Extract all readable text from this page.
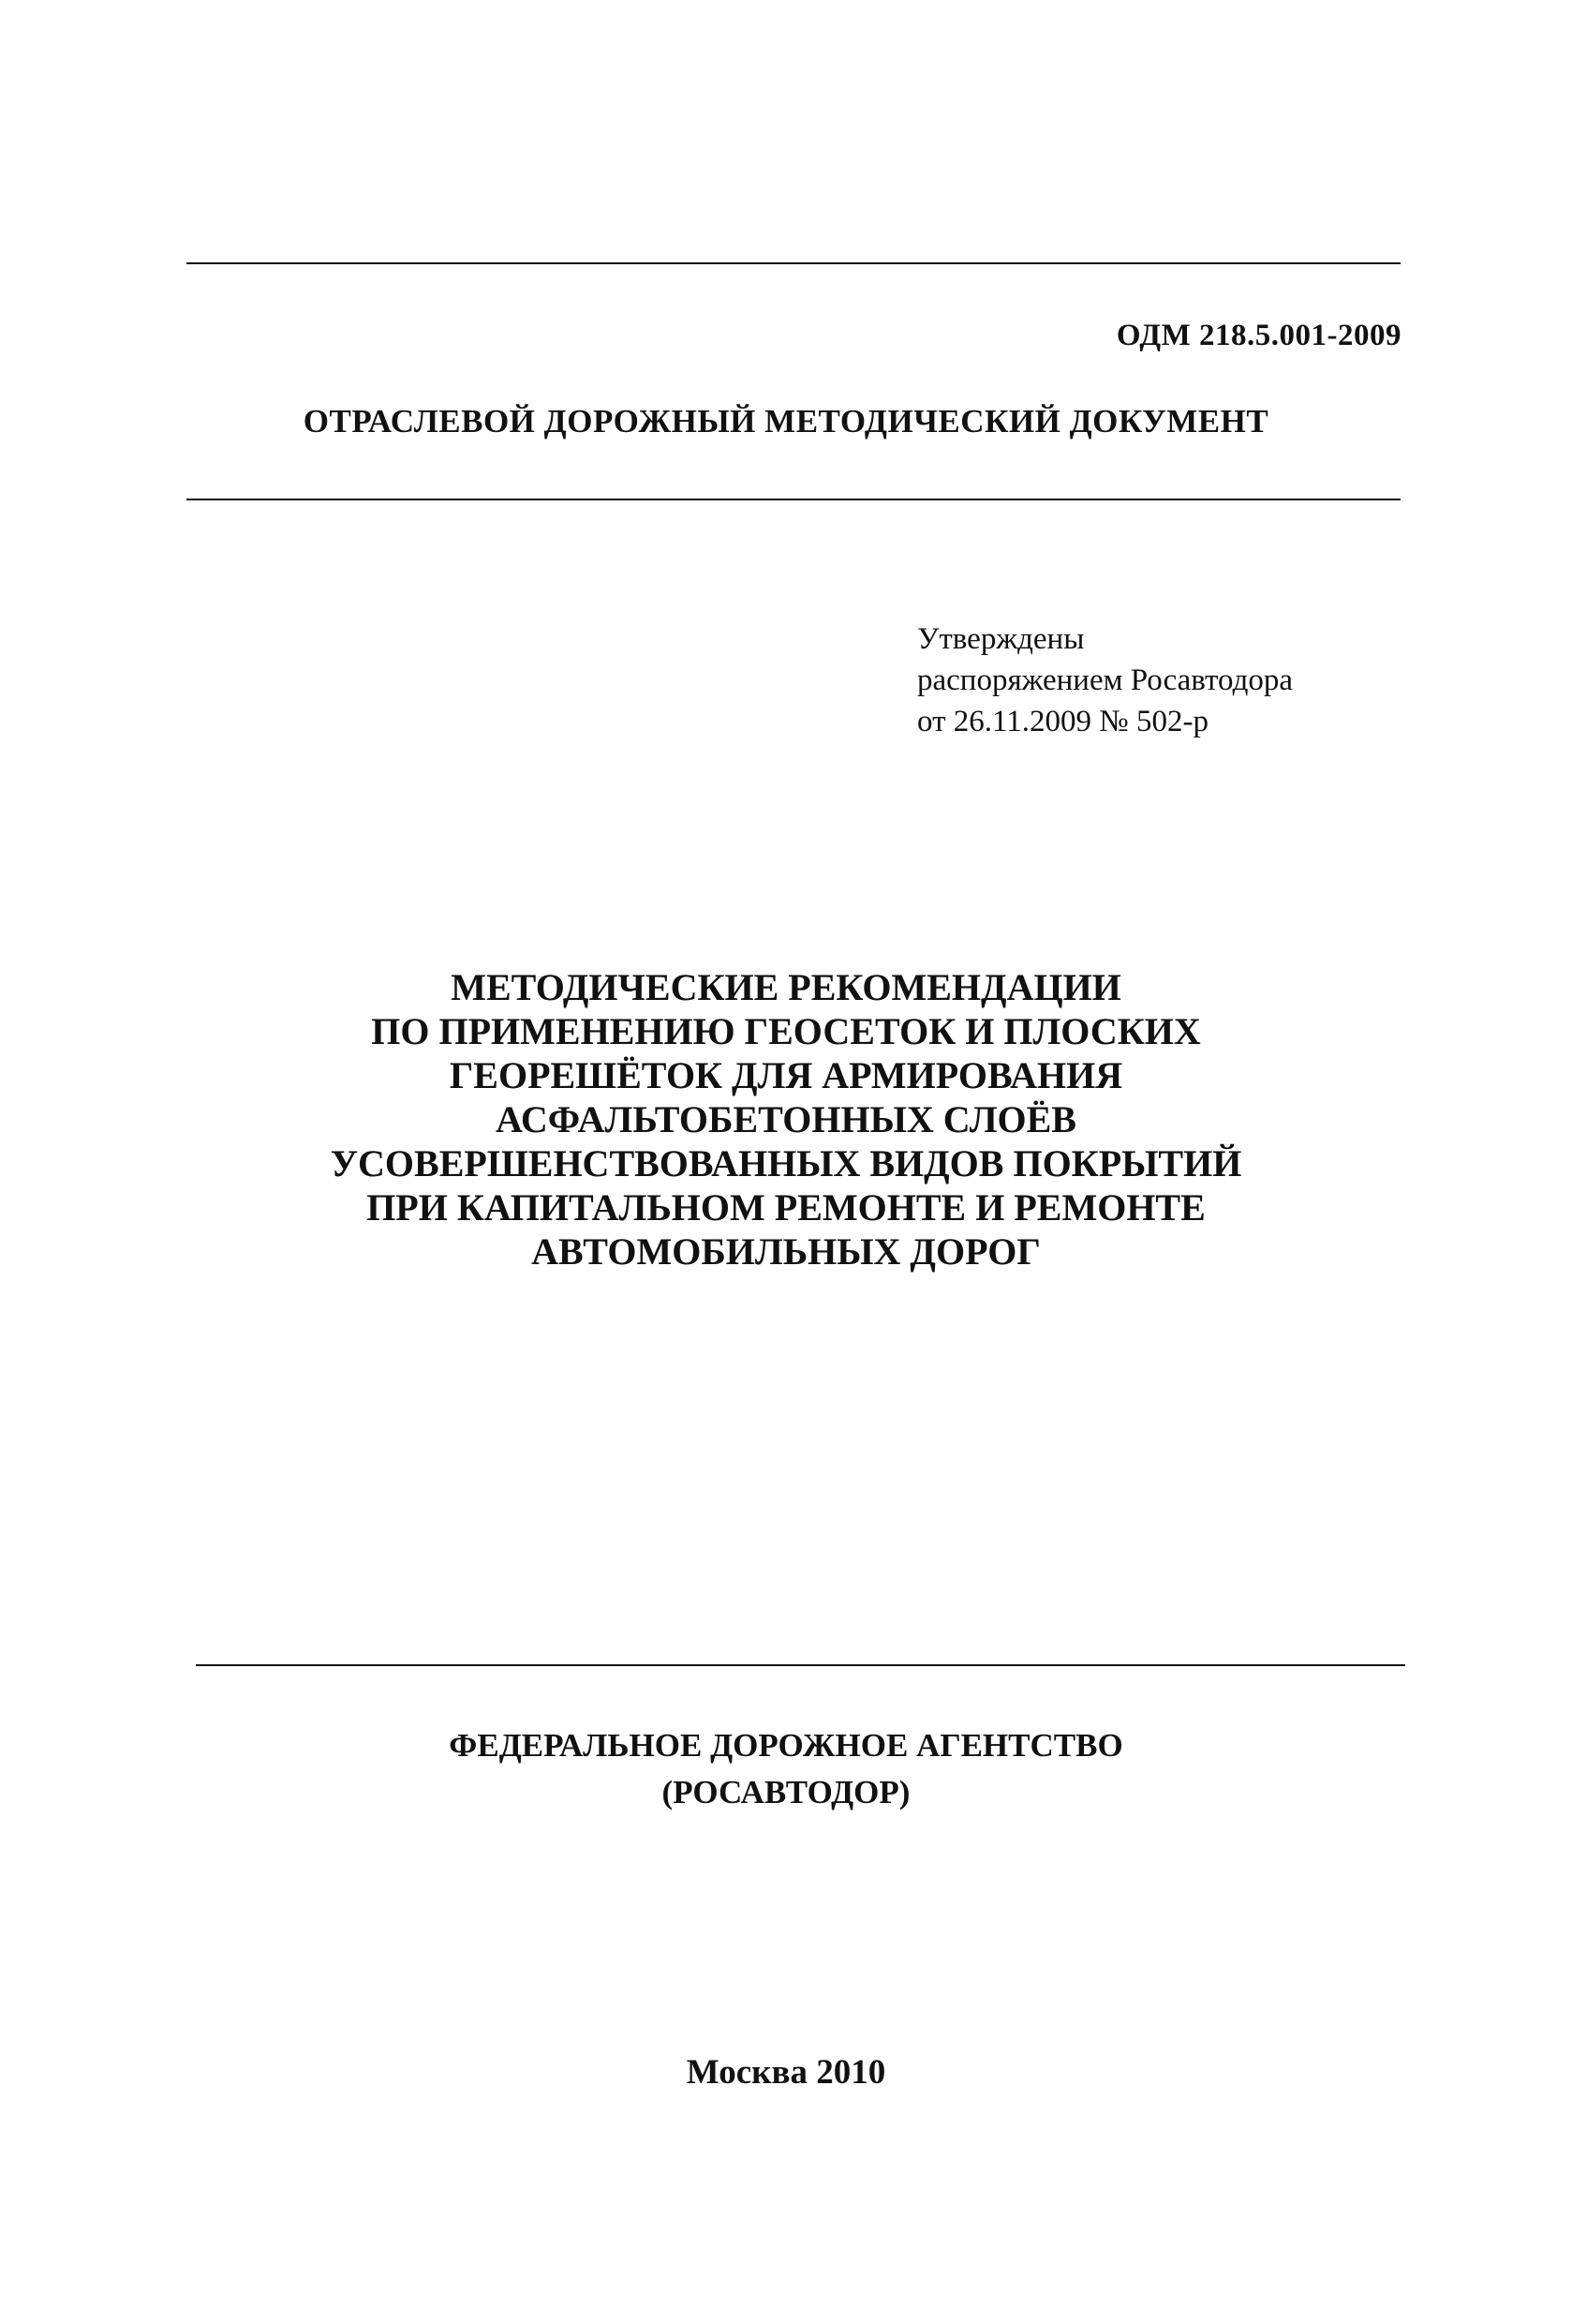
ОДМ 218.5.001-2009
ОТРАСЛЕВОЙ ДОРОЖНЫЙ МЕТОДИЧЕСКИЙ ДОКУМЕНТ
Утверждены
распоряжением Росавтодора
от 26.11.2009 № 502-р
МЕТОДИЧЕСКИЕ РЕКОМЕНДАЦИИ
ПО ПРИМЕНЕНИЮ ГЕОСЕТОК И ПЛОСКИХ
ГЕОРЕШЁТОК ДЛЯ АРМИРОВАНИЯ
АСФАЛЬТОБЕТОННЫХ СЛОЁВ
УСОВЕРШЕНСТВОВАННЫХ ВИДОВ ПОКРЫТИЙ
ПРИ КАПИТАЛЬНОМ РЕМОНТЕ И РЕМОНТЕ
АВТОМОБИЛЬНЫХ ДОРОГ
ФЕДЕРАЛЬНОЕ ДОРОЖНОЕ АГЕНТСТВО
(РОСАВТОДОР)
Москва 2010
